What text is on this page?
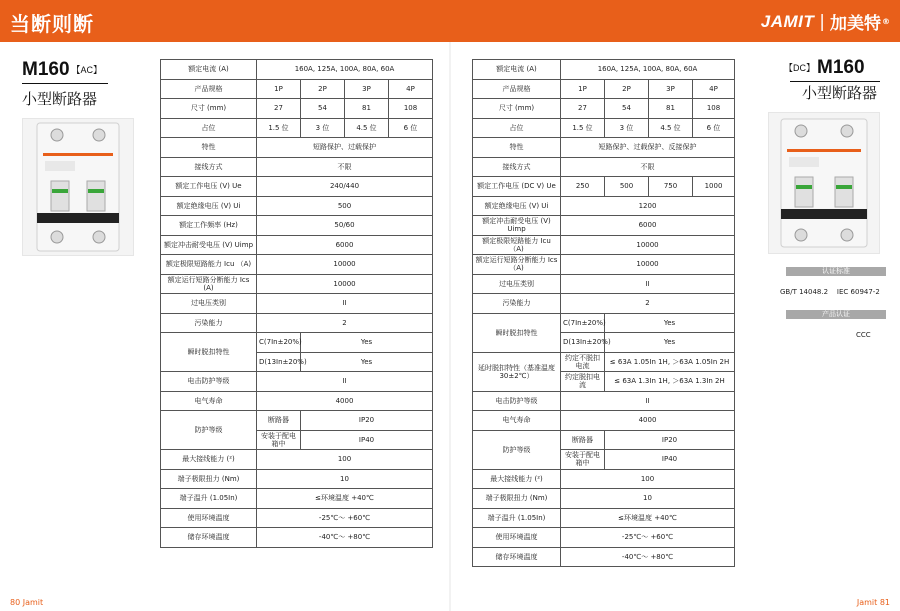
当断则断	JAMIT | 加美特 ®
M160 【AC】
小型断路器
额定电流 (A)	160A, 125A, 100A, 80A, 60A			
产品规格	1P	2P	3P	4P
尺寸 (mm)	27	54	81	108
占位	1.5 位	3 位	4.5 位	6 位
特性	短路保护、过载保护			
接线方式	不限			
额定工作电压 (V) Ue	240/440			
额定绝缘电压 (V) Ui	500			
额定工作频率 (Hz)	50/60			
额定冲击耐受电压 (V) Uimp	6000			
额定极限短路能力 Icu （A)	10000			
额定运行短路分断能力 Ics (A)	10000			
过电压类别	II			
污染能力	2			
瞬时脱扣特性	C(7In±20%)	Yes		
	D(13In±20%)	Yes		
电击防护等级	II			
电气寿命	4000			
防护等级	断路器	IP20		
	安装于配电箱中	IP40		
最大接线能力 (²)	100			
端子极限扭力 (Nm)	10			
端子温升 (1.05In)	≤环境温度 +40℃			
使用环境温度	-25℃～ +60℃			
储存环境温度	-40℃～ +80℃			
80 Jamit
额定电流 (A)	160A, 125A, 100A, 80A, 60A			
产品规格	1P	2P	3P	4P
尺寸 (mm)	27	54	81	108
占位	1.5 位	3 位	4.5 位	6 位
特性	短路保护、过载保护、反接保护			
接线方式	不限			
额定工作电压 (DC V) Ue	250	500	750	1000
额定绝缘电压 (V) Ui	1200			
额定冲击耐受电压 (V) Uimp	6000			
额定极限短路能力 Icu （A)	10000			
额定运行短路分断能力 Ics （A)	10000			
过电压类别	II			
污染能力	2			
瞬时脱扣特性	C(7In±20%)	Yes		
	D(13In±20%)	Yes		
延时脱扣特性（基准温度 30±2℃）	约定不脱扣电流	≤ 63A 1.05In 1H, ＞63A 1.05In 2H		
	约定脱扣电流	≤ 63A 1.3In 1H, ＞63A 1.3In 2H		
电击防护等级	II			
电气寿命	4000			
防护等级	断路器	IP20		
	安装于配电箱中	IP40		
最大接线能力 (²)	100			
端子极限扭力 (Nm)	10			
端子温升 (1.05In)	≤环境温度 +40℃			
使用环境温度	-25℃～ +60℃			
储存环境温度	-40℃～ +80℃			
【DC】 M160
小型断路器
认证标准
GB/T 14048.2    IEC 60947-2
产品认证
CCC
Jamit 81
